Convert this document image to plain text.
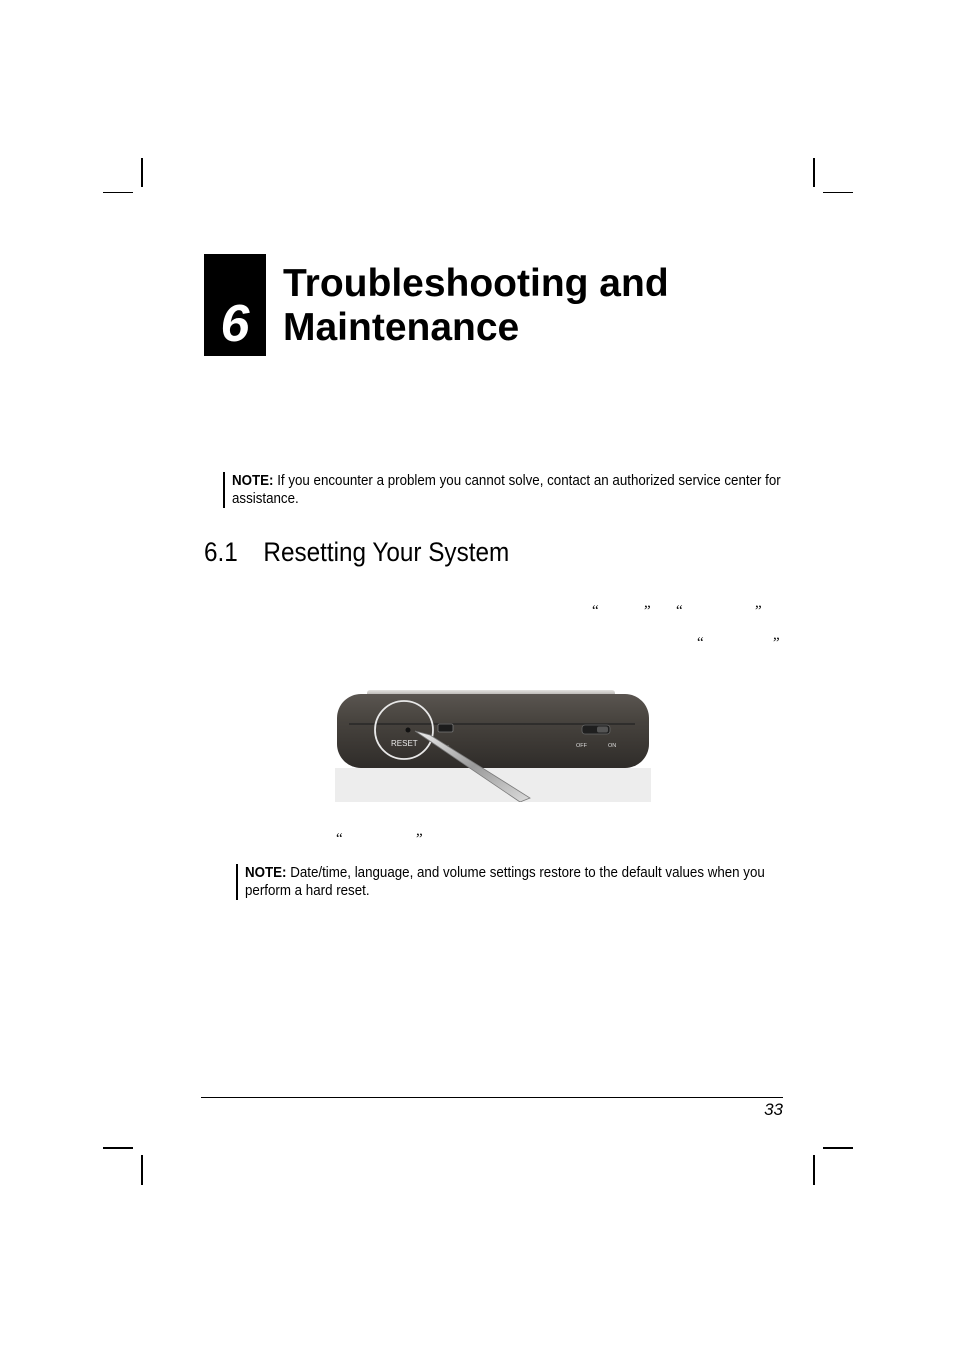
6
Troubleshooting and
Maintenance
NOTE: If you encounter a problem you cannot solve, contact an authorized service center for assistance.
6.1 Resetting Your System
“	” “	”
“	”
RESET	OFF	ON
“	”
NOTE: Date/time, language, and volume settings restore to the default values when you perform a hard reset.
33
